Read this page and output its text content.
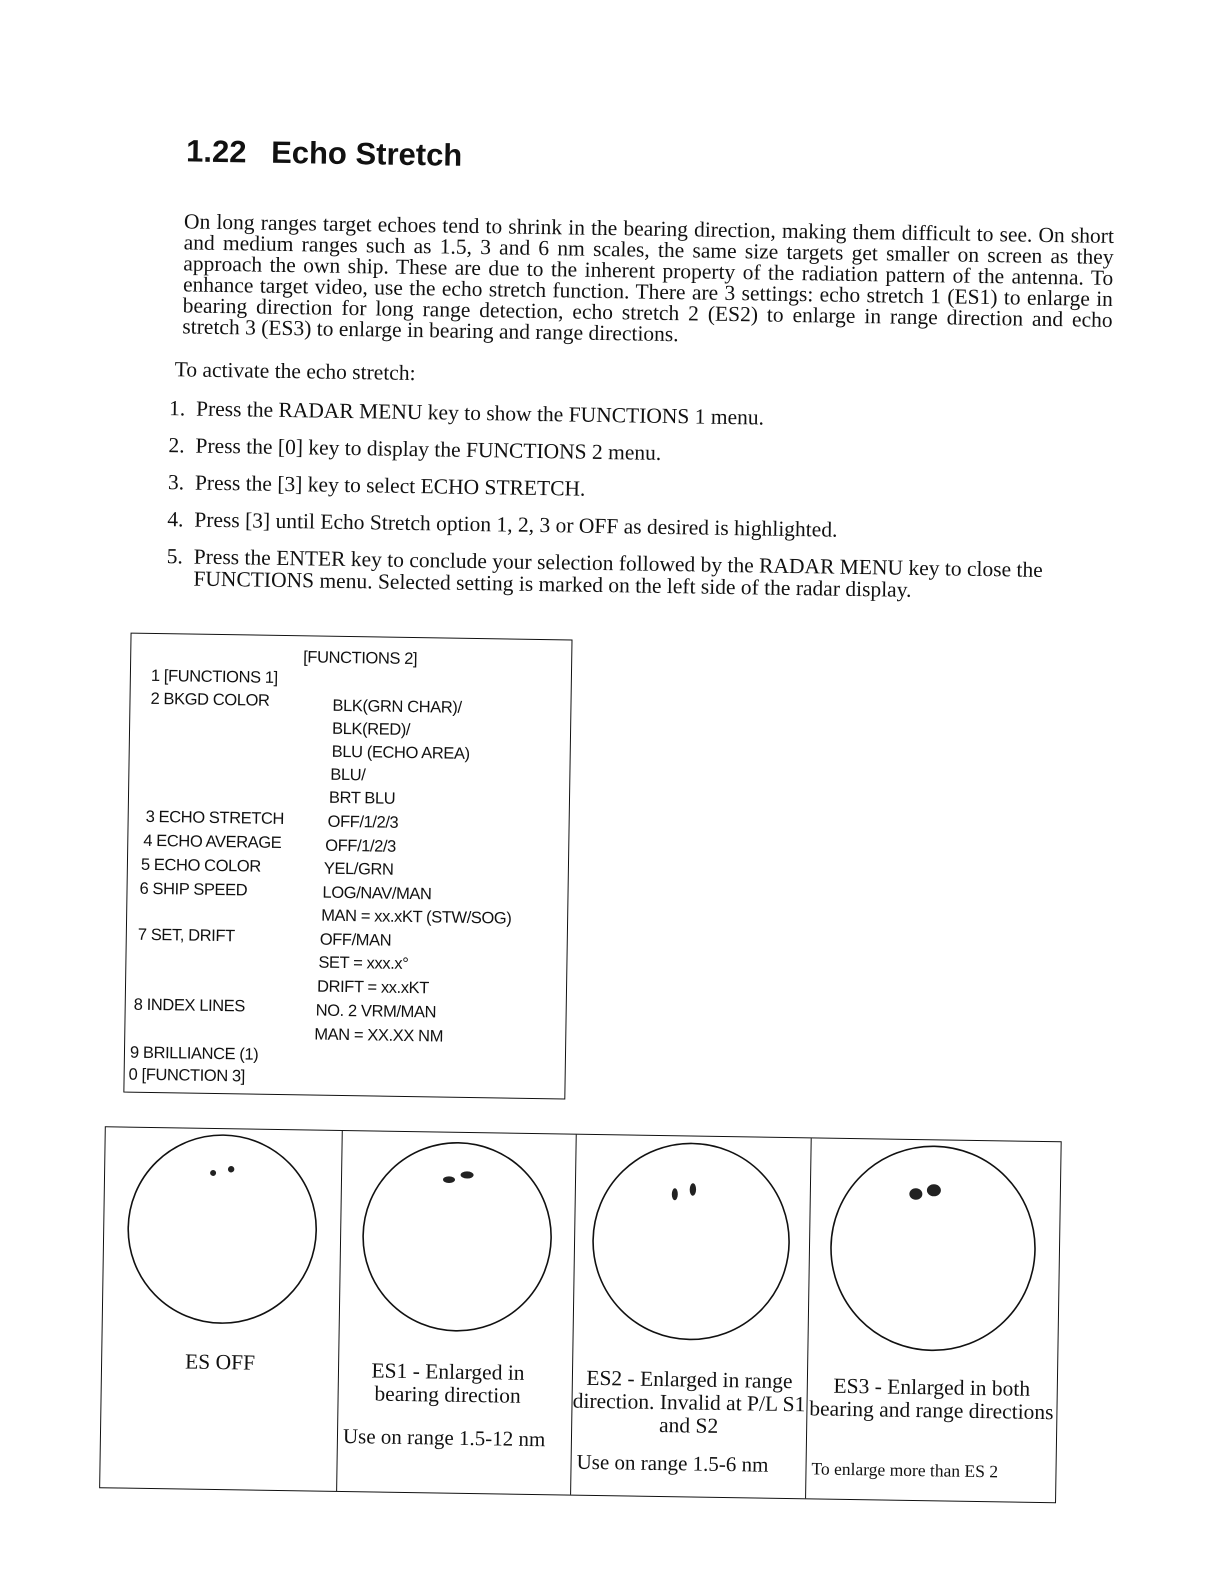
1.22 Echo Stretch

On long ranges target echoes tend to shrink in the bearing direction, making them difficult to see. On short and medium ranges such as 1.5, 3 and 6 nm scales, the same size targets get smaller on screen as they approach the own ship. These are due to the inherent property of the radiation pattern of the antenna. To enhance target video, use the echo stretch function. There are 3 settings: echo stretch 1 (ES1) to enlarge in bearing direction for long range detection, echo stretch 2 (ES2) to enlarge in range direction and echo stretch 3 (ES3) to enlarge in bearing and range directions.

To activate the echo stretch:
1. Press the RADAR MENU key to show the FUNCTIONS 1 menu.
2. Press the [0] key to display the FUNCTIONS 2 menu.
3. Press the [3] key to select ECHO STRETCH.
4. Press [3] until Echo Stretch option 1, 2, 3 or OFF as desired is highlighted.
5. Press the ENTER key to conclude your selection followed by the RADAR MENU key to close the FUNCTIONS menu. Selected setting is marked on the left side of the radar display.
[FUNCTIONS 2]
1 [FUNCTIONS 1]
2 BKGD COLOR
3 ECHO STRETCH
4 ECHO AVERAGE
5 ECHO COLOR
6 SHIP SPEED
7 SET, DRIFT
8 INDEX LINES
9 BRILLIANCE (1)
0 [FUNCTION 3]
BLK(GRN CHAR)/
BLK(RED)/
BLU (ECHO AREA)
BLU/
BRT BLU
OFF/1/2/3
OFF/1/2/3
YEL/GRN
LOG/NAV/MAN
MAN = xx.xKT (STW/SOG)
OFF/MAN
SET = xxx.x°
DRIFT = xx.xKT
NO. 2 VRM/MAN
MAN = XX.XX NM
ES OFF	ES1 - Enlarged in bearing direction
Use on range 1.5-12 nm
ES2 - Enlarged in range direction. Invalid at P/L S1 and S2
Use on range 1.5-6 nm
ES3 - Enlarged in both bearing and range directions
To enlarge more than ES 2
